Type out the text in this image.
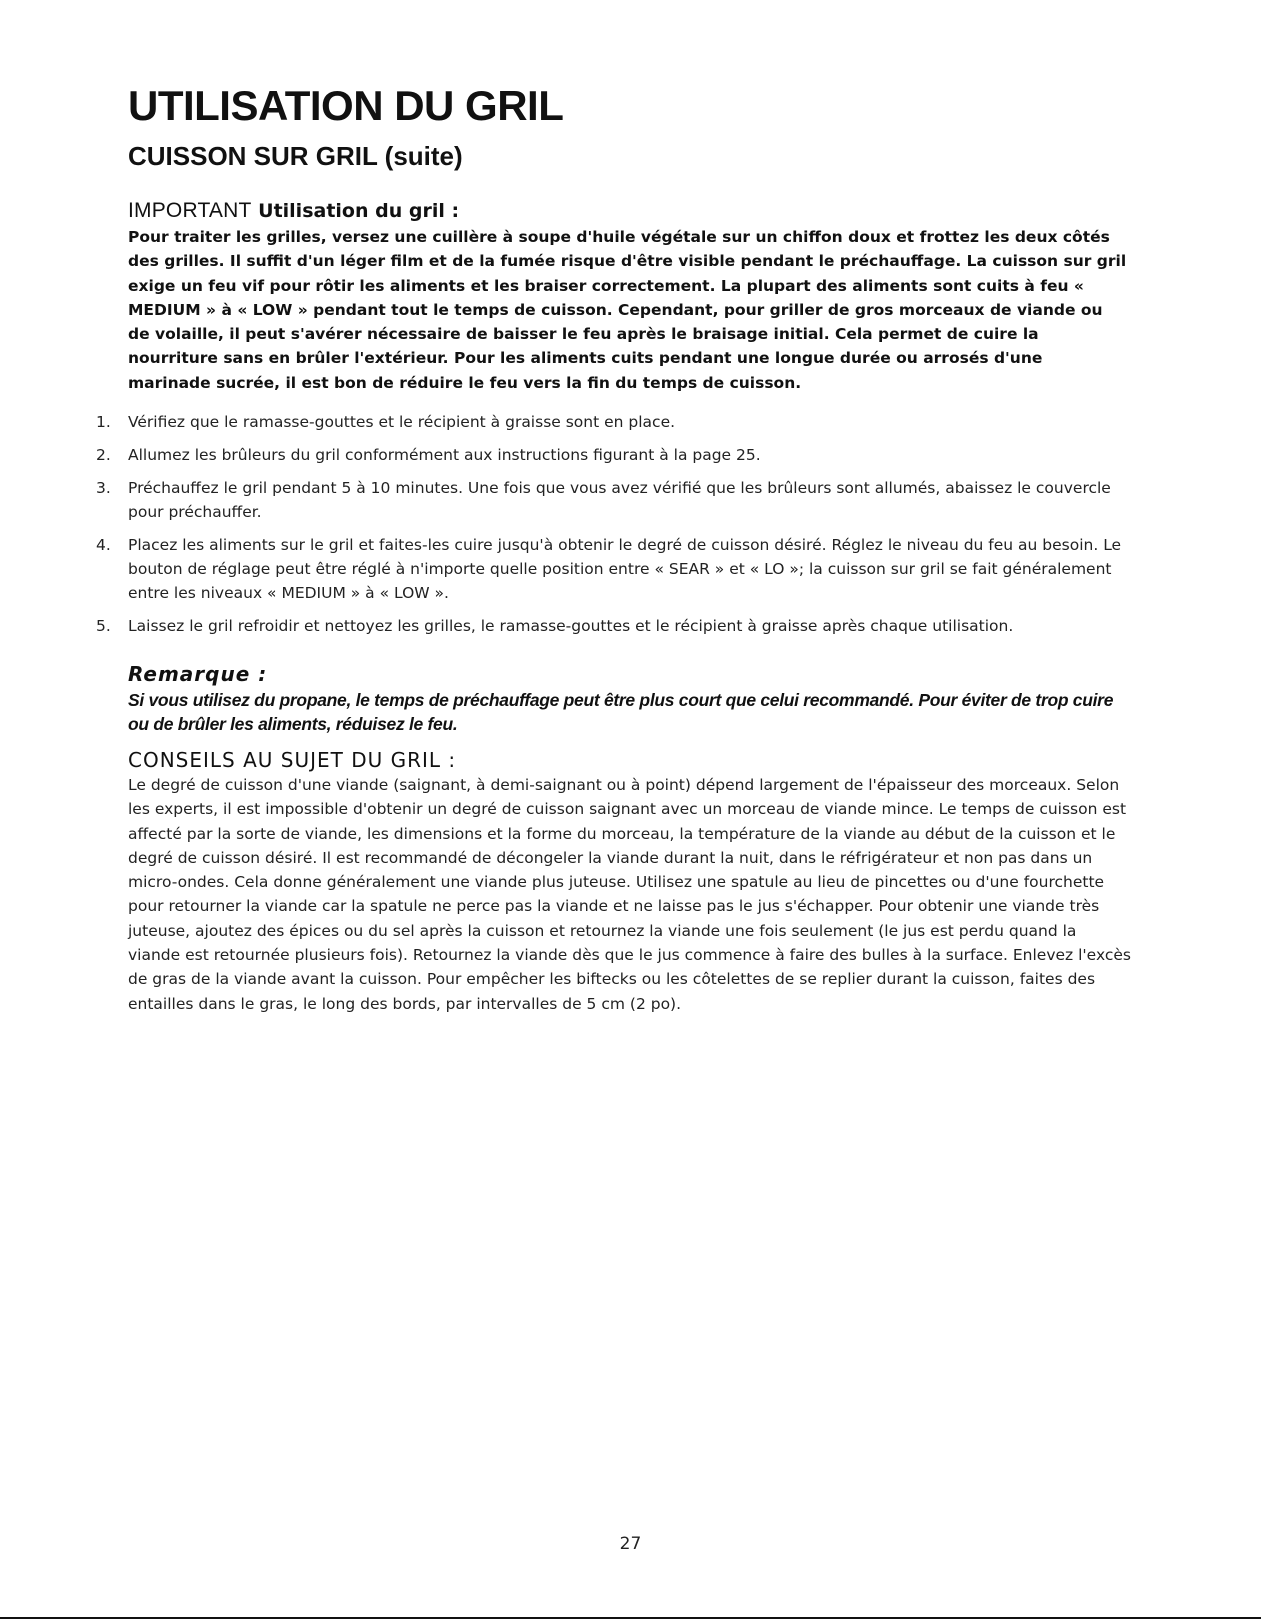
UTILISATION DU GRIL
CUISSON SUR GRIL (suite)
IMPORTANT Utilisation du gril :

Pour traiter les grilles, versez une cuillère à soupe d'huile végétale sur un chiffon doux et frottez les deux côtés des grilles. Il suffit d'un léger film et de la fumée risque d'être visible pendant le préchauffage. La cuisson sur gril exige un feu vif pour rôtir les aliments et les braiser correctement. La plupart des aliments sont cuits à feu « MEDIUM » à « LOW » pendant tout le temps de cuisson. Cependant, pour griller de gros morceaux de viande ou de volaille, il peut s'avérer nécessaire de baisser le feu après le braisage initial. Cela permet de cuire la nourriture sans en brûler l'extérieur. Pour les aliments cuits pendant une longue durée ou arrosés d'une marinade sucrée, il est bon de réduire le feu vers la fin du temps de cuisson.

1. Vérifiez que le ramasse-gouttes et le récipient à graisse sont en place.
2. Allumez les brûleurs du gril conformément aux instructions figurant à la page 25.
3. Préchauffez le gril pendant 5 à 10 minutes. Une fois que vous avez vérifié que les brûleurs sont allumés, abaissez le couvercle pour préchauffer.
4. Placez les aliments sur le gril et faites-les cuire jusqu'à obtenir le degré de cuisson désiré. Réglez le niveau du feu au besoin. Le bouton de réglage peut être réglé à n'importe quelle position entre « SEAR » et « LO »; la cuisson sur gril se fait généralement entre les niveaux « MEDIUM » à « LOW ».
5. Laissez le gril refroidir et nettoyez les grilles, le ramasse-gouttes et le récipient à graisse après chaque utilisation.
Remarque :

Si vous utilisez du propane, le temps de préchauffage peut être plus court que celui recommandé. Pour éviter de trop cuire ou de brûler les aliments, réduisez le feu.

CONSEILS AU SUJET DU GRIL :

Le degré de cuisson d'une viande (saignant, à demi-saignant ou à point) dépend largement de l'épaisseur des morceaux. Selon les experts, il est impossible d'obtenir un degré de cuisson saignant avec un morceau de viande mince. Le temps de cuisson est affecté par la sorte de viande, les dimensions et la forme du morceau, la température de la viande au début de la cuisson et le degré de cuisson désiré. Il est recommandé de décongeler la viande durant la nuit, dans le réfrigérateur et non pas dans un micro-ondes. Cela donne généralement une viande plus juteuse. Utilisez une spatule au lieu de pincettes ou d'une fourchette pour retourner la viande car la spatule ne perce pas la viande et ne laisse pas le jus s'échapper. Pour obtenir une viande très juteuse, ajoutez des épices ou du sel après la cuisson et retournez la viande une fois seulement (le jus est perdu quand la viande est retournée plusieurs fois). Retournez la viande dès que le jus commence à faire des bulles à la surface. Enlevez l'excès de gras de la viande avant la cuisson. Pour empêcher les biftecks ou les côtelettes de se replier durant la cuisson, faites des entailles dans le gras, le long des bords, par intervalles de 5 cm (2 po).

27
